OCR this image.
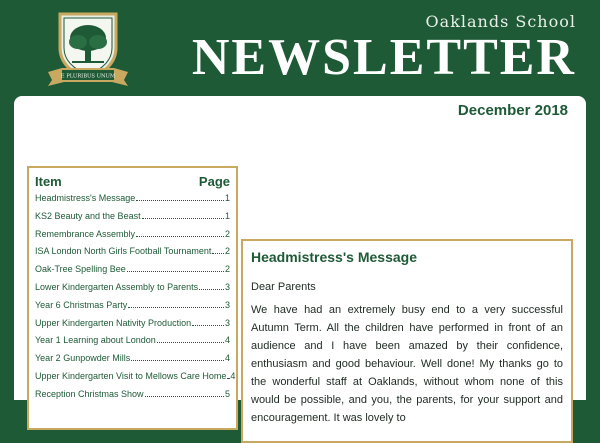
E PLURIBUS UNUM
Oaklands School
NEWSLETTER
December 2018
Item	Page
Headmistress's Message	1
KS2 Beauty and the Beast	1
Remembrance Assembly	2
ISA London North Girls Football Tournament 2
Oak-Tree Spelling Bee	2
Lower Kindergarten Assembly to Parents	3
Year 6 Christmas Party	3
Upper Kindergarten Nativity Production	3
Year 1 Learning about London	4
Year 2 Gunpowder Mills	4
Upper Kindergarten Visit to Mellows Care Home 4
Reception Christmas Show	5
Headmistress's Message

Dear Parents

We have had an extremely busy end to a very successful Autumn Term. All the children have performed in front of an audience and I have been amazed by their confidence, enthusiasm and good behaviour. Well done! My thanks go to the wonderful staff at Oaklands, without whom none of this would be possible, and you, the parents, for your support and encouragement. It was lovely to
